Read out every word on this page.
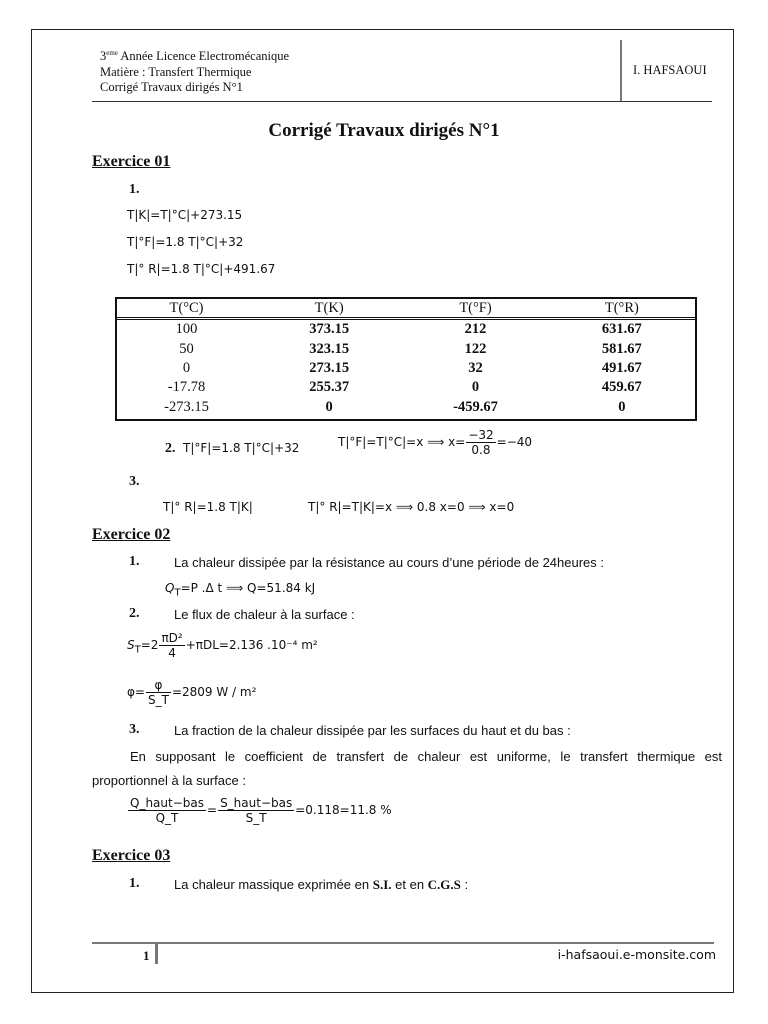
3eme Année Licence Electromécanique
Matière : Transfert Thermique
Corrigé Travaux dirigés N°1
I. HAFSAOUI
Corrigé Travaux dirigés N°1
Exercice 01
1.
T|K|=T|°C|+273.15
T|°F|=1.8 T|°C|+32
T|° R|=1.8 T|°C|+491.67
T(°C)	T(K)	T(°F)	T(°R)
100	373.15	212	631.67
50	323.15	122	581.67
0	273.15	32	491.67
-17.78	255.37	0	459.67
-273.15	0	-459.67	0
2. T|°F|=1.8 T|°C|+32	T|°F|=T|°C|=x ⟹ $x= \frac{-32}{0.8} =-40$
3.
T|° R|=1.8 T|K|	T|° R|=T|K|=x ⟹ 0.8 x=0 ⟹ x=0
Exercice 02
1.	La chaleur dissipée par la résistance au cours d’une période de 24heures :
$Q_T=P$ .Δ t ⟹ Q=51.84 kJ
2.	Le flux de chaleur à la surface :
$S_T=2 \frac{\text{πD²}}{4} +\pi DL=2.136$ .10⁻⁴ m²
$\varphi= \frac{\varphi}{S\_T} =2809$ W / m²
3.	La fraction de la chaleur dissipée par les surfaces du haut et du bas :
En supposant le coefficient de transfert de chaleur est uniforme, le transfert thermique est proportionnel à la surface :
$\frac{\text{Q\_haut−bas}}{Q\_T} = \frac{\text{S\_haut−bas}}{S\_T} =0.118=11.8$ %
Exercice 03
1.	La chaleur massique exprimée en S.I. et en C.G.S :
1	i-hafsaoui.e-monsite.com
